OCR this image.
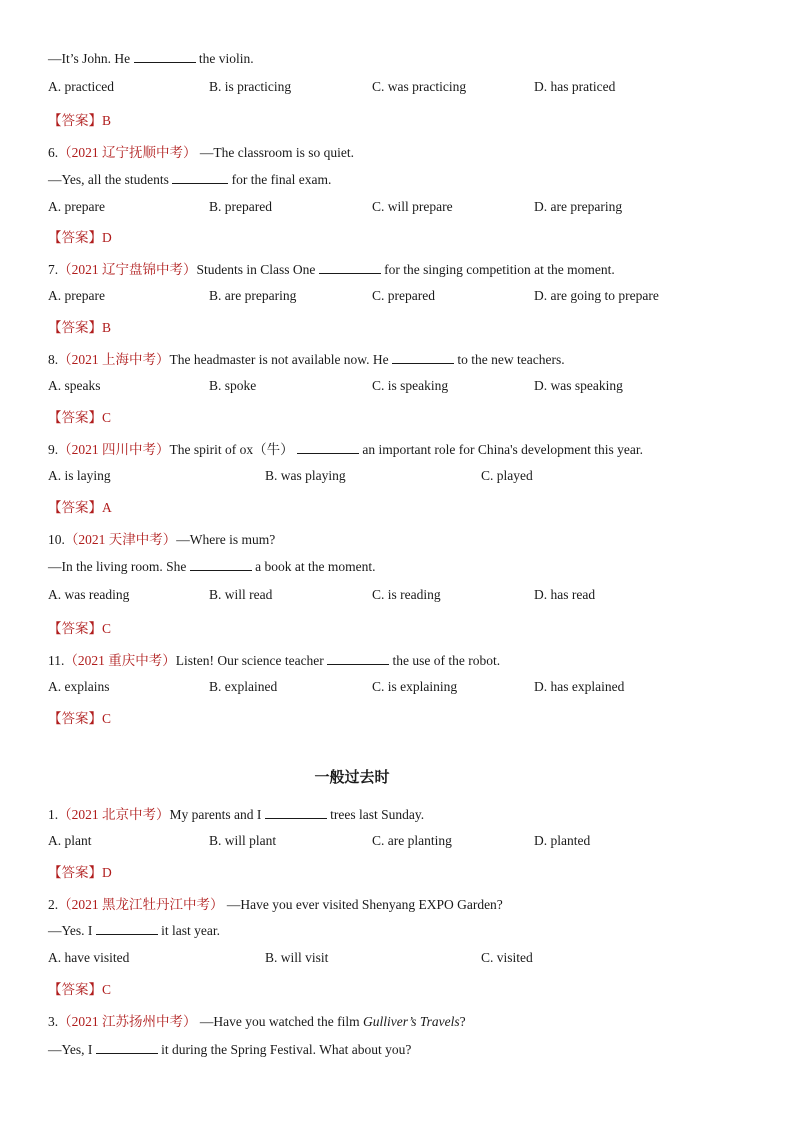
—It’s John. He	the violin.
A. practiced	B. is practicing	C. was practicing	D. has praticed
【答案】B
6.（2021 辽宁抚顺中考） —The classroom is so quiet.
—Yes, all the students	for the final exam.
A. prepare	B. prepared	C. will prepare	D. are preparing
【答案】D
7.（2021 辽宁盘锦中考）Students in Class One	for the singing competition at the moment.
A. prepare	B. are preparing	C. prepared	D. are going to prepare
【答案】B
8.（2021 上海中考）The headmaster is not available now. He	to the new teachers.
A. speaks	B. spoke	C. is speaking	D. was speaking
【答案】C
9.（2021 四川中考）The spirit of ox（牛）	an important role for China's development this year.
A. is laying	B. was playing	C. played
【答案】A
10.（2021 天津中考）—Where is mum?
—In the living room. She	a book at the moment.
A. was reading	B. will read	C. is reading	D. has read
【答案】C
11.（2021 重庆中考）Listen! Our science teacher	the use of the robot.
A. explains	B. explained	C. is explaining	D. has explained
【答案】C
一般过去时
1.（2021 北京中考）My parents and I	trees last Sunday.
A. plant	B. will plant	C. are planting	D. planted
【答案】D
2.（2021 黑龙江牡丹江中考） —Have you ever visited Shenyang EXPO Garden?
—Yes. I	it last year.
A. have visited	B. will visit	C. visited
【答案】C
3.（2021 江苏扬州中考） —Have you watched the film Gulliver’s Travels?
—Yes, I	it during the Spring Festival. What about you?
